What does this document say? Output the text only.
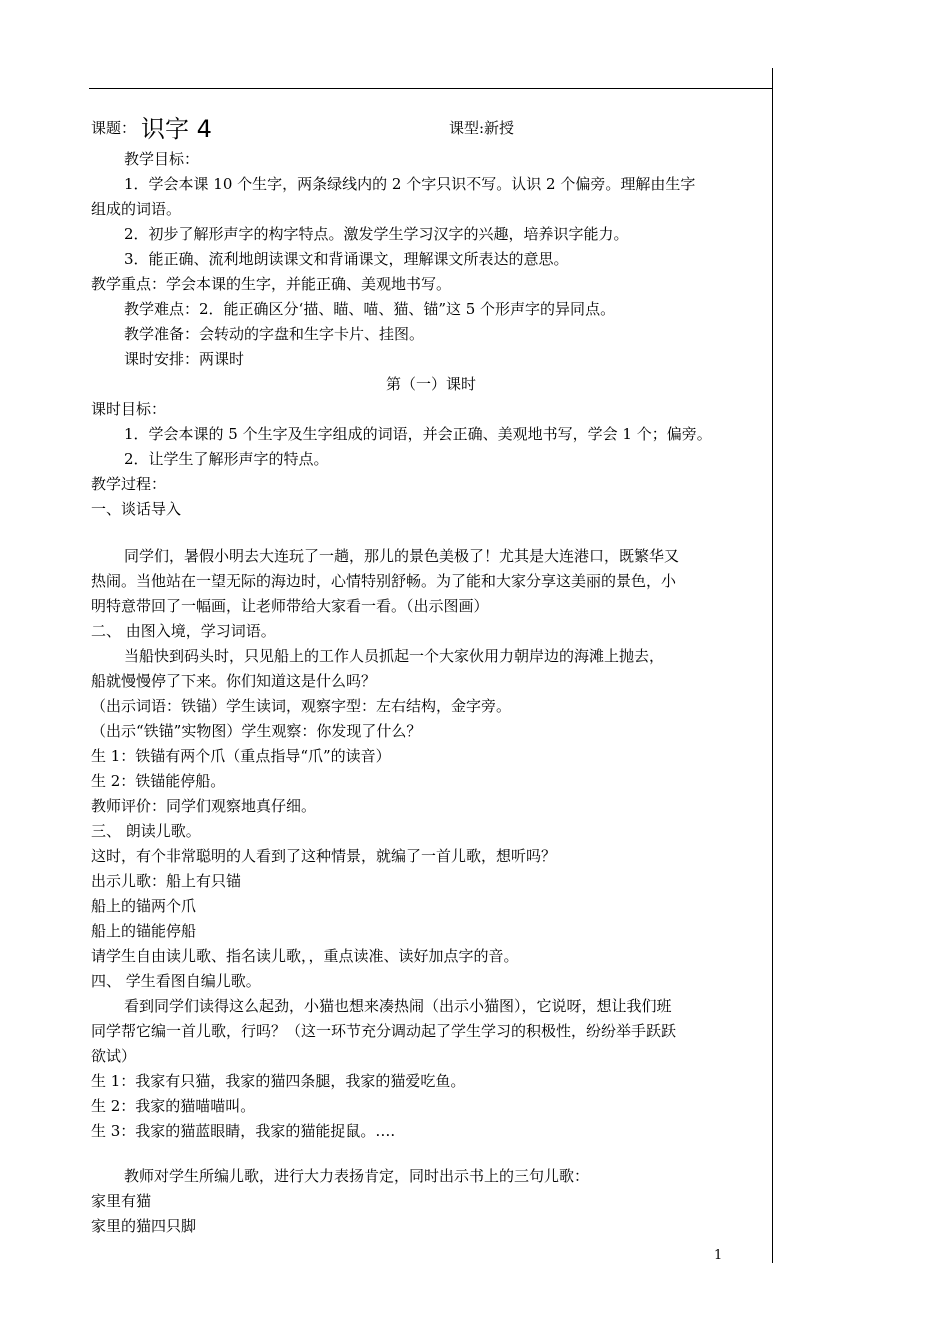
课题： 识字 4	课型:新授
教学目标：
1．学会本课 10 个生字，两条绿线内的 2 个字只识不写。认识 2 个偏旁。理解由生字
组成的词语。
2．初步了解形声字的构字特点。激发学生学习汉字的兴趣，培养识字能力。
3．能正确、流利地朗读课文和背诵课文，理解课文所表达的意思。
教学重点：学会本课的生字，并能正确、美观地书写。
教学难点：2．能正确区分‘描、瞄、喵、猫、锚”这 5 个形声字的异同点。
教学准备：会转动的字盘和生字卡片、挂图。
课时安排：两课时
第（一）课时
课时目标：
1．学会本课的 5 个生字及生字组成的词语，并会正确、美观地书写，学会 1 个；偏旁。
2．让学生了解形声字的特点。
教学过程：
一、谈话导入
同学们，暑假小明去大连玩了一趟，那儿的景色美极了！尤其是大连港口，既繁华又
热闹。当他站在一望无际的海边时，心情特别舒畅。为了能和大家分享这美丽的景色，小
明特意带回了一幅画，让老师带给大家看一看。（出示图画）
二、 由图入境，学习词语。
当船快到码头时，只见船上的工作人员抓起一个大家伙用力朝岸边的海滩上抛去，
船就慢慢停了下来。你们知道这是什么吗？
（出示词语：铁锚）学生读词，观察字型：左右结构，金字旁。
（出示“铁锚”实物图）学生观察：你发现了什么？
生 1：铁锚有两个爪（重点指导“爪”的读音）
生 2：铁锚能停船。
教师评价：同学们观察地真仔细。
三、 朗读儿歌。
这时，有个非常聪明的人看到了这种情景，就编了一首儿歌，想听吗？
出示儿歌：船上有只锚
船上的锚两个爪
船上的锚能停船
请学生自由读儿歌、指名读儿歌，，重点读准、读好加点字的音。
四、 学生看图自编儿歌。
看到同学们读得这么起劲，小猫也想来凑热闹（出示小猫图），它说呀，想让我们班
同学帮它编一首儿歌，行吗？（这一环节充分调动起了学生学习的积极性，纷纷举手跃跃
欲试）
生 1：我家有只猫，我家的猫四条腿，我家的猫爱吃鱼。
生 2：我家的猫喵喵叫。
生 3：我家的猫蓝眼睛，我家的猫能捉鼠。….
教师对学生所编儿歌，进行大力表扬肯定，同时出示书上的三句儿歌：
家里有猫
家里的猫四只脚
1
